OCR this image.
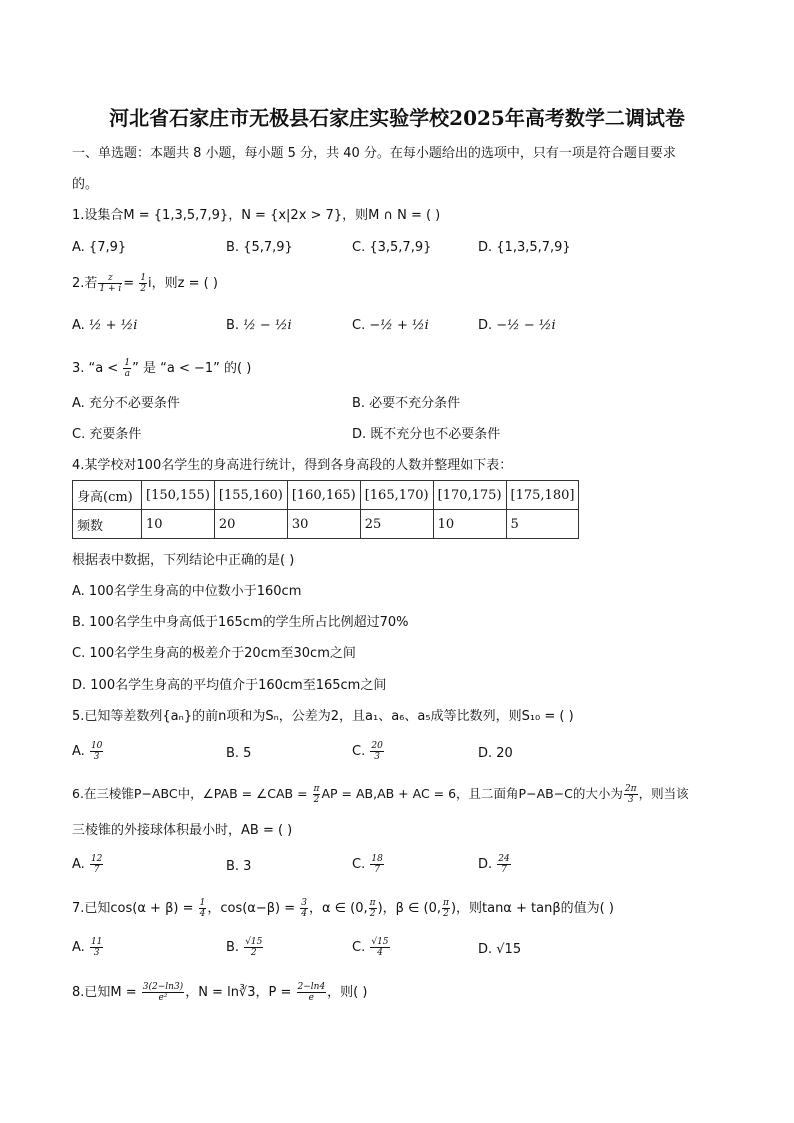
河北省石家庄市无极县石家庄实验学校2025年高考数学二调试卷
一、单选题：本题共 8 小题，每小题 5 分，共 40 分。在每小题给出的选项中，只有一项是符合题目要求
的。
1.设集合M = {1,3,5,7,9}，N = {x|2x > 7}，则M ∩ N = ( )
A. {7,9}	B. {5,7,9}	C. {3,5,7,9}	D. {1,3,5,7,9}
2.若 $\frac{z}{1 + i} = \frac{1}{2}$ i，则z = ( )
A. ½ + ½i	B. ½ − ½i	C. −½ + ½i	D. −½ − ½i
3. “$a < \frac{1}{a}$ ” 是 “a < −1” 的( )
A. 充分不必要条件	B. 必要不充分条件
C. 充要条件	D. 既不充分也不必要条件
4.某学校对100名学生的身高进行统计，得到各身高段的人数并整理如下表：
身高(cm)	[150,155)	[155,160)	[160,165)	[165,170)	[170,175)	[175,180]
频数	10	20	30	25	10	5
根据表中数据，下列结论中正确的是( )
A. 100名学生身高的中位数小于160cm
B. 100名学生中身高低于165cm的学生所占比例超过70%
C. 100名学生身高的极差介于20cm至30cm之间
D. 100名学生身高的平均值介于160cm至165cm之间
5.已知等差数列{aₙ}的前n项和为Sₙ，公差为2，且a₁、a₆、a₅成等比数列，则S₁₀ = ( )
A. $\frac{10}{3}$	B. 5	C. $\frac{20}{3}$	D. 20
6.在三棱锥P−ABC中，∠PAB = ∠CAB = $\frac{\pi}{2}$ AP = AB,AB + AC = 6，且二面角P−AB−C的大小为 $\frac{2\pi}{3}$ ，则当该
三棱锥的外接球体积最小时，AB = ( )
A. $\frac{12}{7}$	B. 3	C. $\frac{18}{7}$	D. $\frac{24}{7}$
7.已知$\cos(\alpha + \beta) = \frac{1}{4}$ ，$\cos(\alpha-\beta) = \frac{3}{4}$ ，α ∈ (0, $\frac{\pi}{2}$ )，β ∈ (0, $\frac{\pi}{2}$ )，则tanα + tanβ的值为( )
A. $\frac{11}{3}$	B. $\frac{√15}{2}$	C. $\frac{√15}{4}$	D. √15
8.已知$M = \frac{3(2-\ln 3)}{\text{e²}}$ ，N = ln∛3，$P = \frac{2-\ln 4}{e}$ ，则( )
